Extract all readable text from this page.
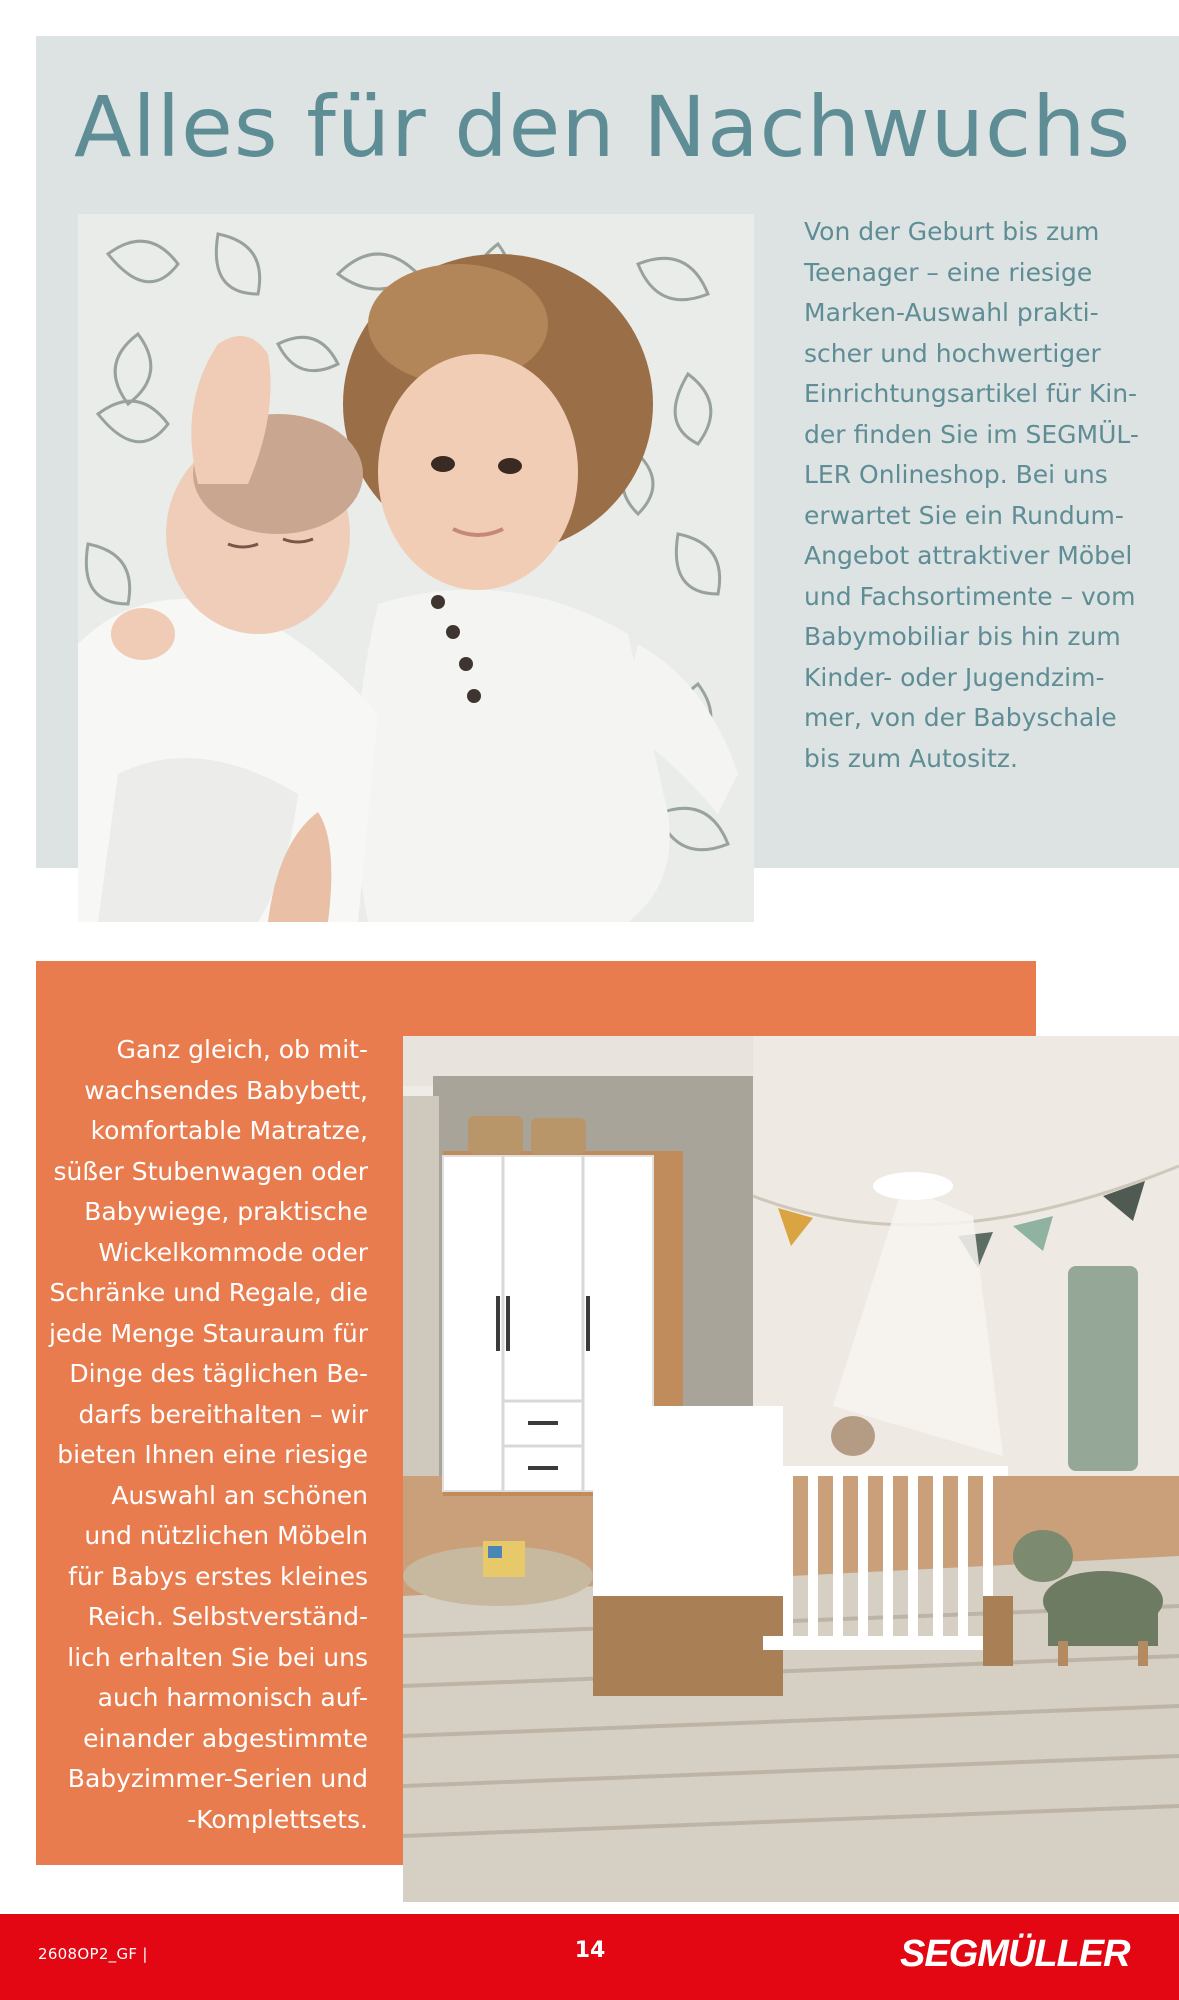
Alles für den Nachwuchs

Von der Geburt bis zum
Teenager – eine riesige
Marken-Auswahl prakti-
scher und hochwertiger
Einrichtungsartikel für Kin-
der finden Sie im SEGMÜL-
LER Onlineshop. Bei uns
erwartet Sie ein Rundum-
Angebot attraktiver Möbel
und Fachsortimente – vom
Babymobiliar bis hin zum
Kinder- oder Jugendzim-
mer, von der Babyschale
bis zum Autositz.

Ganz gleich, ob mit-
wachsendes Babybett,
komfortable Matratze,
süßer Stubenwagen oder
Babywiege, praktische
Wickelkommode oder
Schränke und Regale, die
jede Menge Stauraum für
Dinge des täglichen Be-
darfs bereithalten – wir
bieten Ihnen eine riesige
Auswahl an schönen
und nützlichen Möbeln
für Babys erstes kleines
Reich. Selbstverständ-
lich erhalten Sie bei uns
auch harmonisch auf-
einander abgestimmte
Babyzimmer-Serien und
-Komplettsets.

2608OP2_GF |	14	SEGMÜLLER
